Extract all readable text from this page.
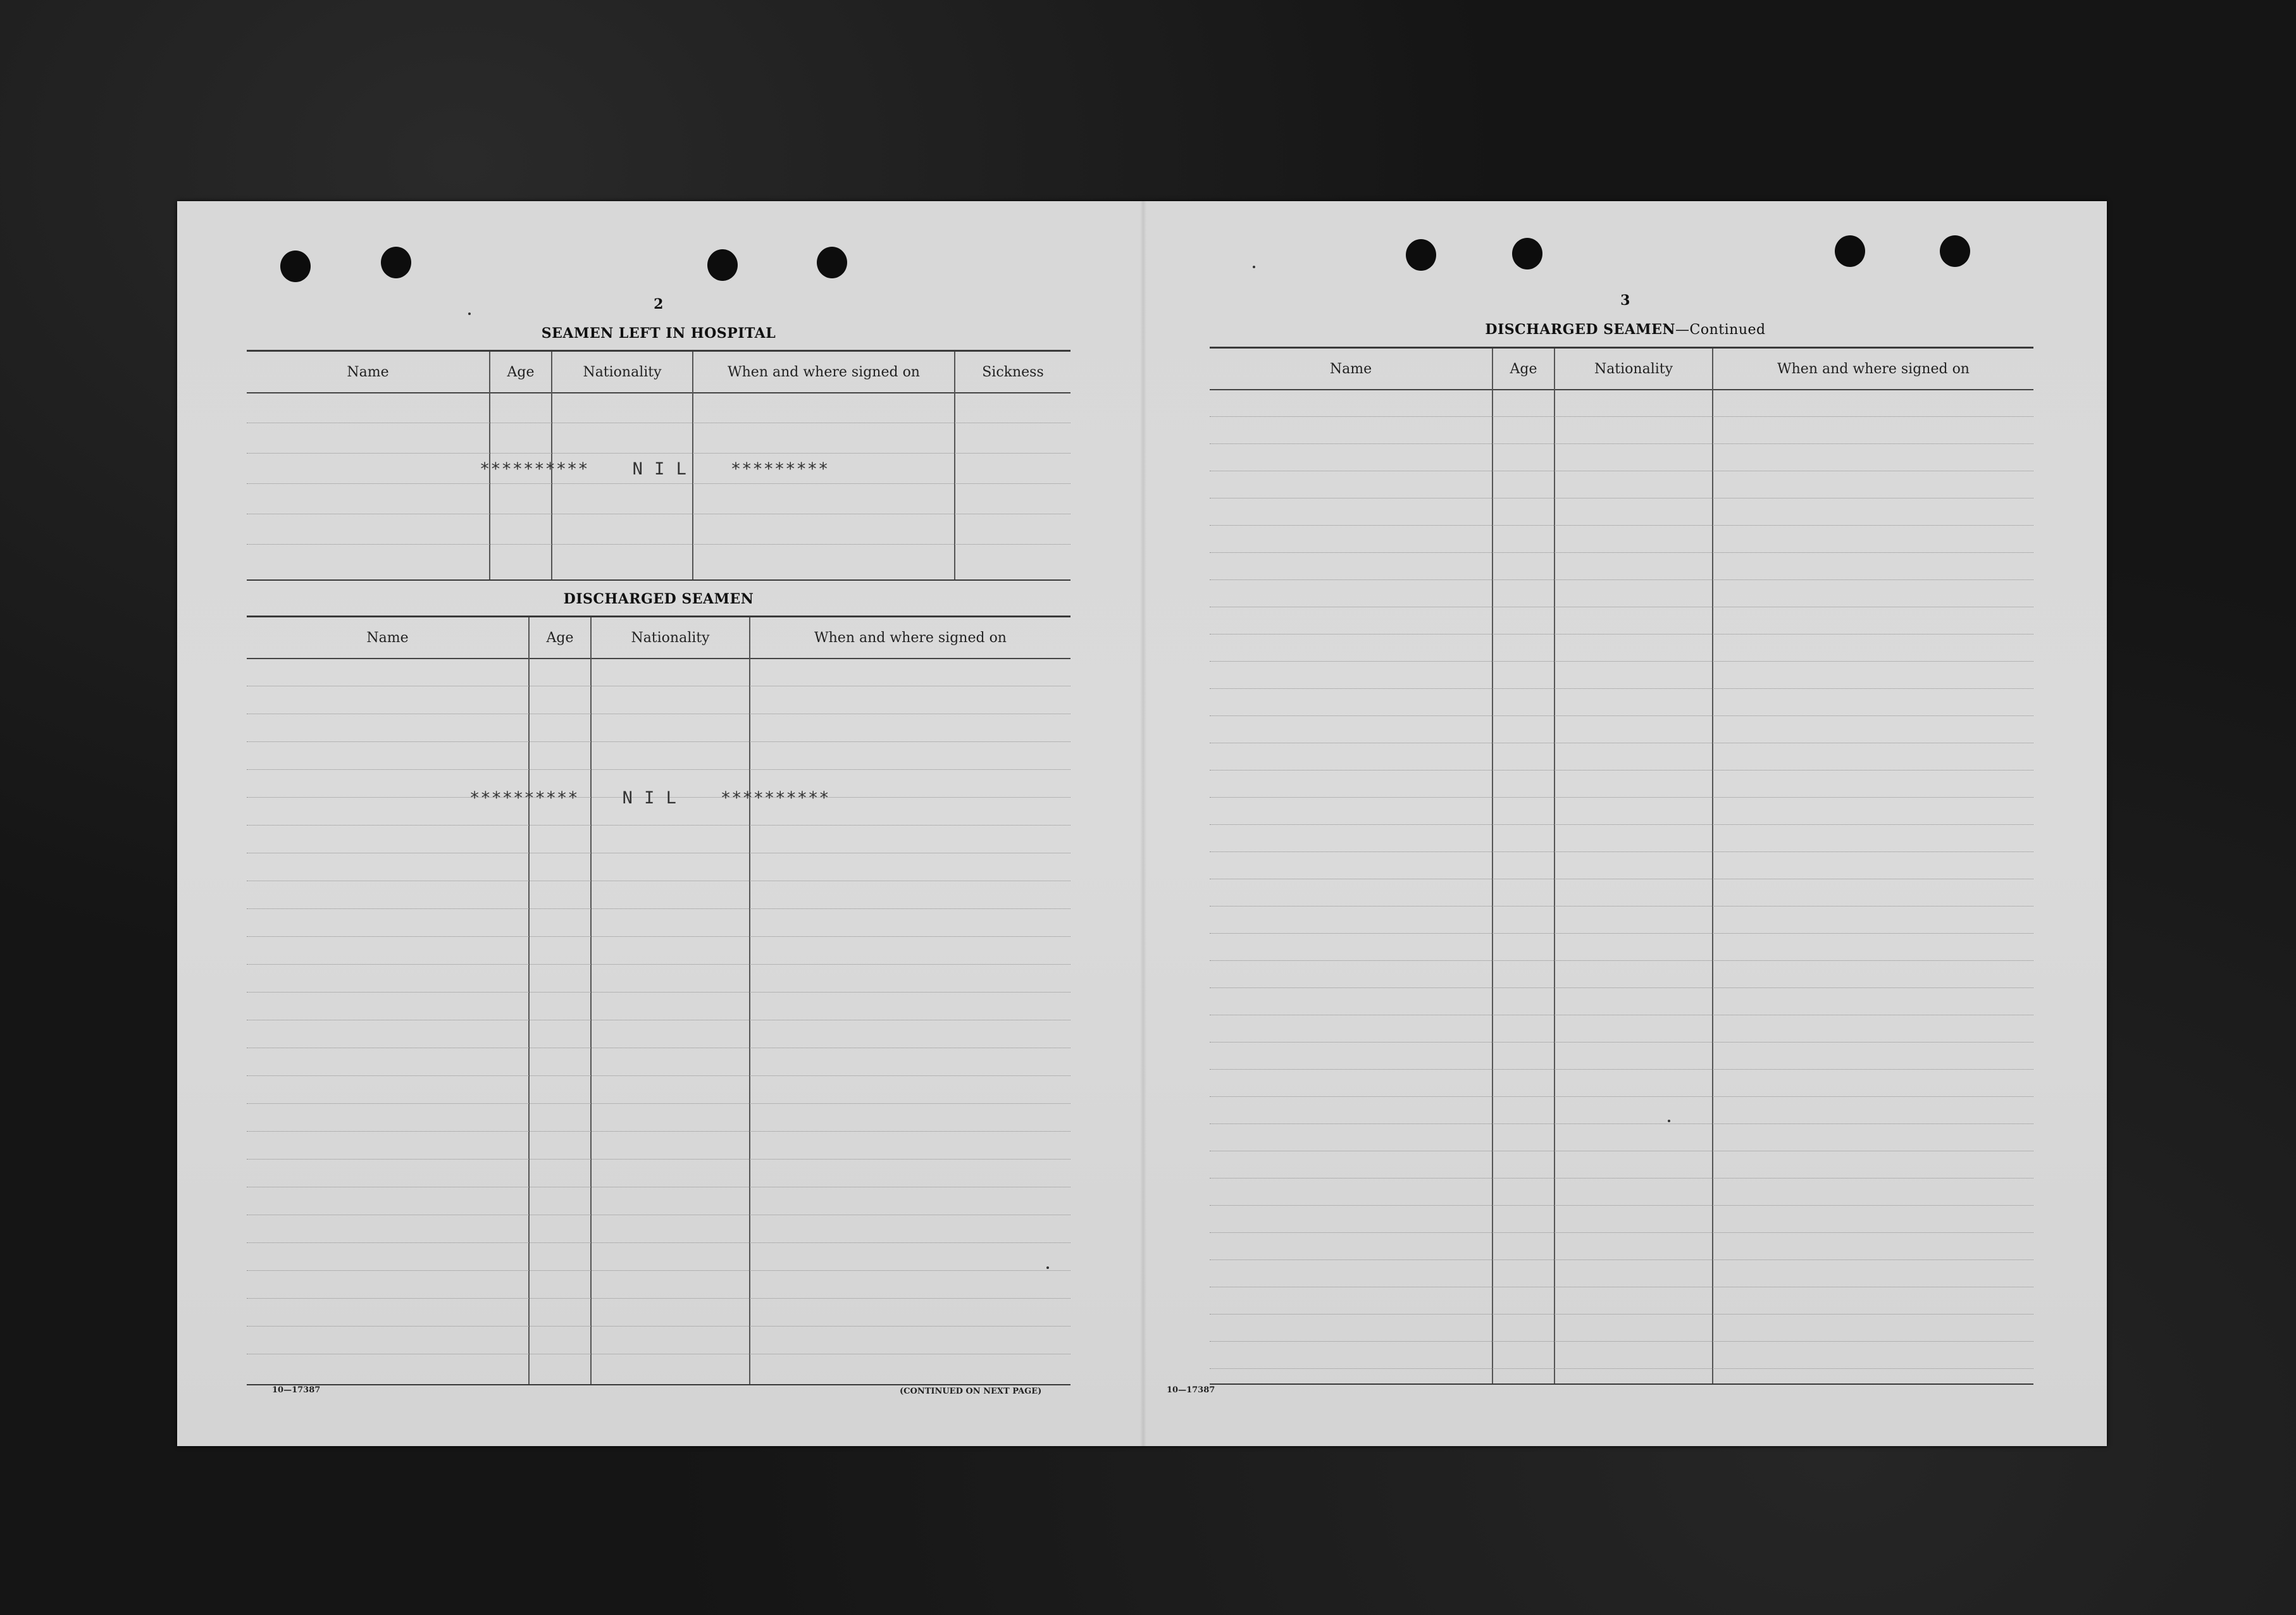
2
SEAMEN LEFT IN HOSPITAL
Name	Age	Nationality	When and where signed on	Sickness
**********	N I L	*********
DISCHARGED SEAMEN
Name	Age	Nationality	When and where signed on
**********	N I L	**********
10—17387	(CONTINUED ON NEXT PAGE)
3
DISCHARGED SEAMEN—Continued
Name	Age	Nationality	When and where signed on
10—17387
